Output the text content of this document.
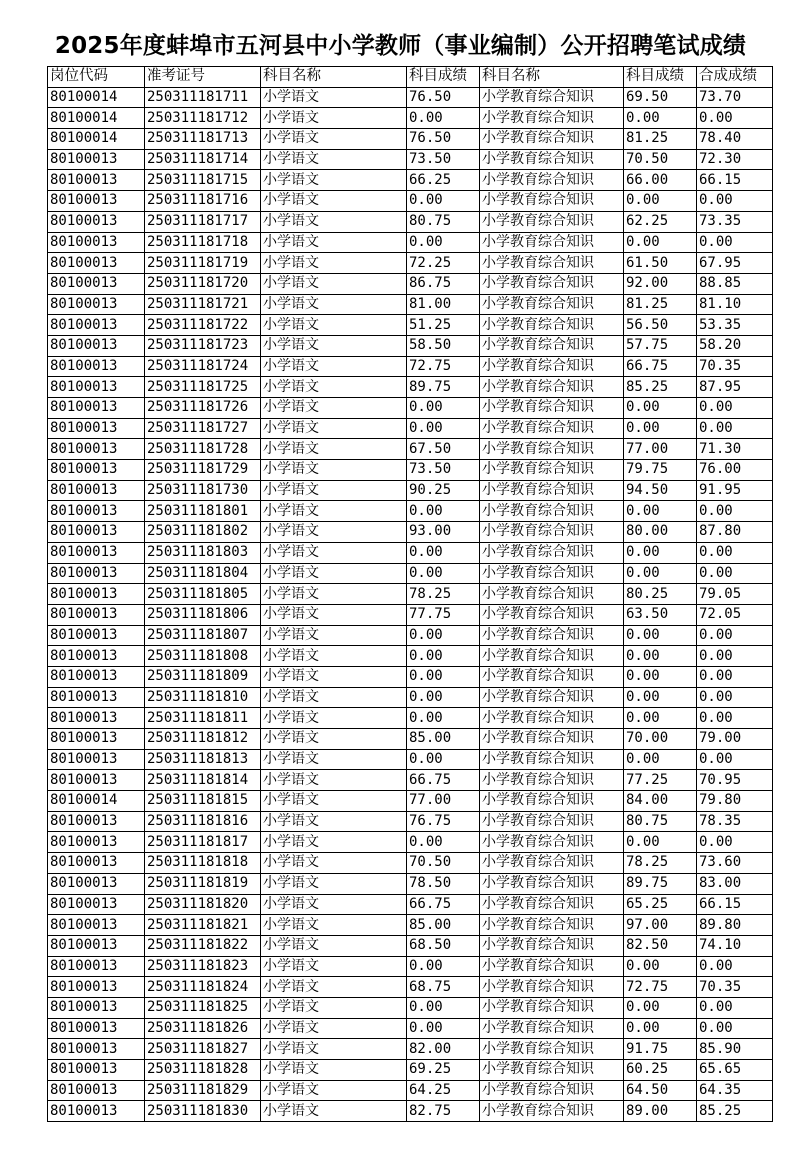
2025年度蚌埠市五河县中小学教师（事业编制）公开招聘笔试成绩
岗位代码	准考证号	科目名称	科目成绩	科目名称	科目成绩	合成成绩
80100014	250311181711	小学语文	76.50	小学教育综合知识	69.50	73.70
80100014	250311181712	小学语文	0.00	小学教育综合知识	0.00	0.00
80100014	250311181713	小学语文	76.50	小学教育综合知识	81.25	78.40
80100013	250311181714	小学语文	73.50	小学教育综合知识	70.50	72.30
80100013	250311181715	小学语文	66.25	小学教育综合知识	66.00	66.15
80100013	250311181716	小学语文	0.00	小学教育综合知识	0.00	0.00
80100013	250311181717	小学语文	80.75	小学教育综合知识	62.25	73.35
80100013	250311181718	小学语文	0.00	小学教育综合知识	0.00	0.00
80100013	250311181719	小学语文	72.25	小学教育综合知识	61.50	67.95
80100013	250311181720	小学语文	86.75	小学教育综合知识	92.00	88.85
80100013	250311181721	小学语文	81.00	小学教育综合知识	81.25	81.10
80100013	250311181722	小学语文	51.25	小学教育综合知识	56.50	53.35
80100013	250311181723	小学语文	58.50	小学教育综合知识	57.75	58.20
80100013	250311181724	小学语文	72.75	小学教育综合知识	66.75	70.35
80100013	250311181725	小学语文	89.75	小学教育综合知识	85.25	87.95
80100013	250311181726	小学语文	0.00	小学教育综合知识	0.00	0.00
80100013	250311181727	小学语文	0.00	小学教育综合知识	0.00	0.00
80100013	250311181728	小学语文	67.50	小学教育综合知识	77.00	71.30
80100013	250311181729	小学语文	73.50	小学教育综合知识	79.75	76.00
80100013	250311181730	小学语文	90.25	小学教育综合知识	94.50	91.95
80100013	250311181801	小学语文	0.00	小学教育综合知识	0.00	0.00
80100013	250311181802	小学语文	93.00	小学教育综合知识	80.00	87.80
80100013	250311181803	小学语文	0.00	小学教育综合知识	0.00	0.00
80100013	250311181804	小学语文	0.00	小学教育综合知识	0.00	0.00
80100013	250311181805	小学语文	78.25	小学教育综合知识	80.25	79.05
80100013	250311181806	小学语文	77.75	小学教育综合知识	63.50	72.05
80100013	250311181807	小学语文	0.00	小学教育综合知识	0.00	0.00
80100013	250311181808	小学语文	0.00	小学教育综合知识	0.00	0.00
80100013	250311181809	小学语文	0.00	小学教育综合知识	0.00	0.00
80100013	250311181810	小学语文	0.00	小学教育综合知识	0.00	0.00
80100013	250311181811	小学语文	0.00	小学教育综合知识	0.00	0.00
80100013	250311181812	小学语文	85.00	小学教育综合知识	70.00	79.00
80100013	250311181813	小学语文	0.00	小学教育综合知识	0.00	0.00
80100013	250311181814	小学语文	66.75	小学教育综合知识	77.25	70.95
80100014	250311181815	小学语文	77.00	小学教育综合知识	84.00	79.80
80100013	250311181816	小学语文	76.75	小学教育综合知识	80.75	78.35
80100013	250311181817	小学语文	0.00	小学教育综合知识	0.00	0.00
80100013	250311181818	小学语文	70.50	小学教育综合知识	78.25	73.60
80100013	250311181819	小学语文	78.50	小学教育综合知识	89.75	83.00
80100013	250311181820	小学语文	66.75	小学教育综合知识	65.25	66.15
80100013	250311181821	小学语文	85.00	小学教育综合知识	97.00	89.80
80100013	250311181822	小学语文	68.50	小学教育综合知识	82.50	74.10
80100013	250311181823	小学语文	0.00	小学教育综合知识	0.00	0.00
80100013	250311181824	小学语文	68.75	小学教育综合知识	72.75	70.35
80100013	250311181825	小学语文	0.00	小学教育综合知识	0.00	0.00
80100013	250311181826	小学语文	0.00	小学教育综合知识	0.00	0.00
80100013	250311181827	小学语文	82.00	小学教育综合知识	91.75	85.90
80100013	250311181828	小学语文	69.25	小学教育综合知识	60.25	65.65
80100013	250311181829	小学语文	64.25	小学教育综合知识	64.50	64.35
80100013	250311181830	小学语文	82.75	小学教育综合知识	89.00	85.25
